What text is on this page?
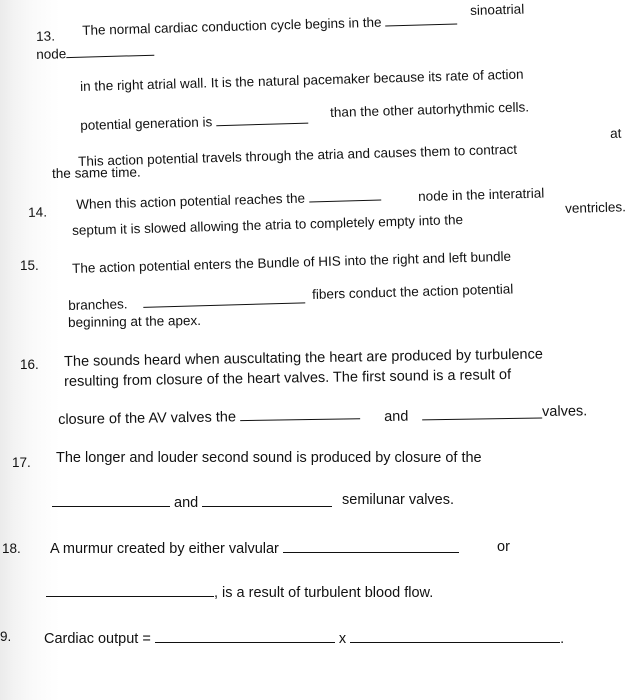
13. The normal cardiac conduction cycle begins in the
sinoatrial
node
in the right atrial wall. It is the natural pacemaker because its rate of action
potential generation is
than the other autorhythmic cells.
This action potential travels through the atria and causes them to contract
at
the same time.
14.
When this action potential reaches the	node in the interatrial
septum it is slowed allowing the atria to completely empty into the
ventricles.
15. The action potential enters the Bundle of HIS into the right and left bundle
branches.
fibers conduct the action potential
beginning at the apex.
16. The sounds heard when auscultating the heart are produced by turbulence
resulting from closure of the heart valves. The first sound is a result of
closure of the AV valves the	and	valves.
17. The longer and louder second sound is produced by closure of the
and	semilunar valves.
18. A murmur created by either valvular	or
, is a result of turbulent blood flow.
9. Cardiac output =	x	.
